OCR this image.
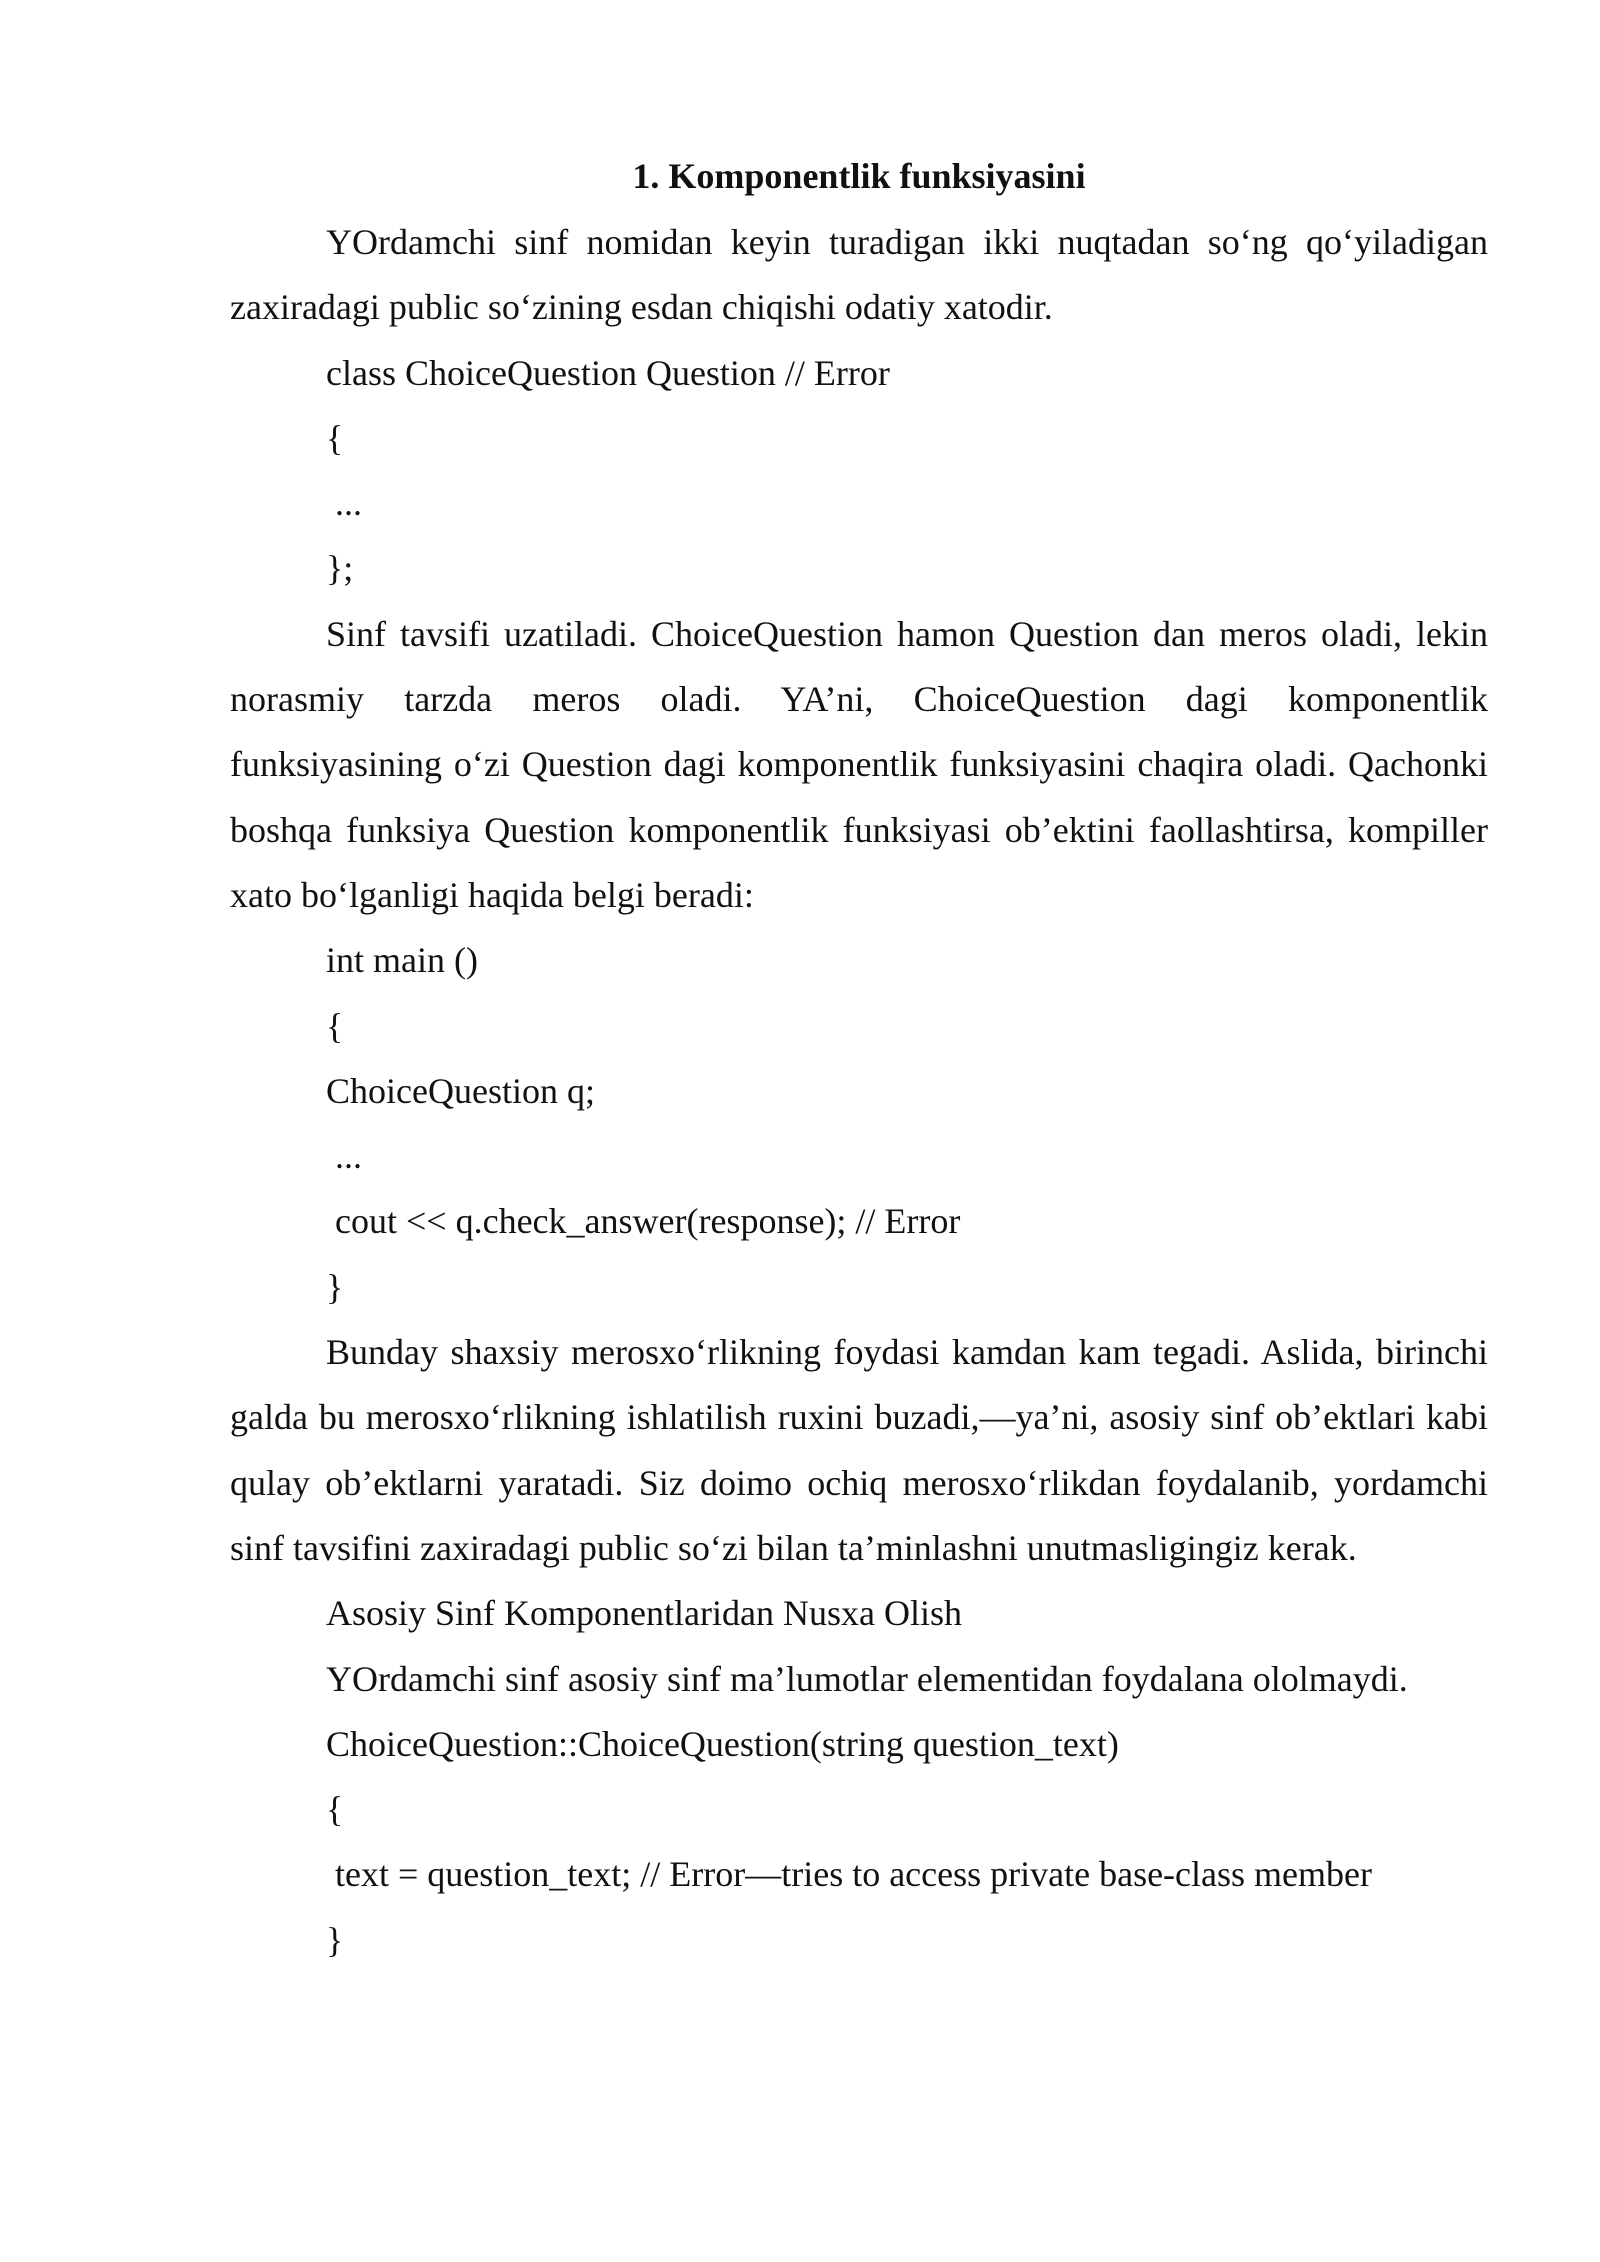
1. Komponentlik funksiyasini

YOrdamchi sinf nomidan keyin turadigan ikki nuqtadan so‘ng qo‘yiladigan zaxiradagi public so‘zining esdan chiqishi odatiy xatodir.

class ChoiceQuestion Question // Error

{

...

};

Sinf tavsifi uzatiladi. ChoiceQuestion hamon Question dan meros oladi, lekin norasmiy tarzda meros oladi. YA’ni, ChoiceQuestion dagi komponentlik funksiyasining o‘zi Question dagi komponentlik funksiyasini chaqira oladi. Qachonki boshqa funksiya Question komponentlik funksiyasi ob’ektini faollashtirsa, kompiller xato bo‘lganligi haqida belgi beradi:

int main ()

{

ChoiceQuestion q;

...

cout << q.check_answer(response); // Error

}

Bunday shaxsiy merosxo‘rlikning foydasi kamdan kam tegadi. Aslida, birinchi galda bu merosxo‘rlikning ishlatilish ruxini buzadi,—ya’ni, asosiy sinf ob’ektlari kabi qulay ob’ektlarni yaratadi. Siz doimo ochiq merosxo‘rlikdan foydalanib, yordamchi sinf tavsifini zaxiradagi public so‘zi bilan ta’minlashni unutmasligingiz kerak.

Asosiy Sinf Komponentlaridan Nusxa Olish

YOrdamchi sinf asosiy sinf ma’lumotlar elementidan foydalana ololmaydi.

ChoiceQuestion::ChoiceQuestion(string question_text)

{

text = question_text; // Error—tries to access private base-class member

}
